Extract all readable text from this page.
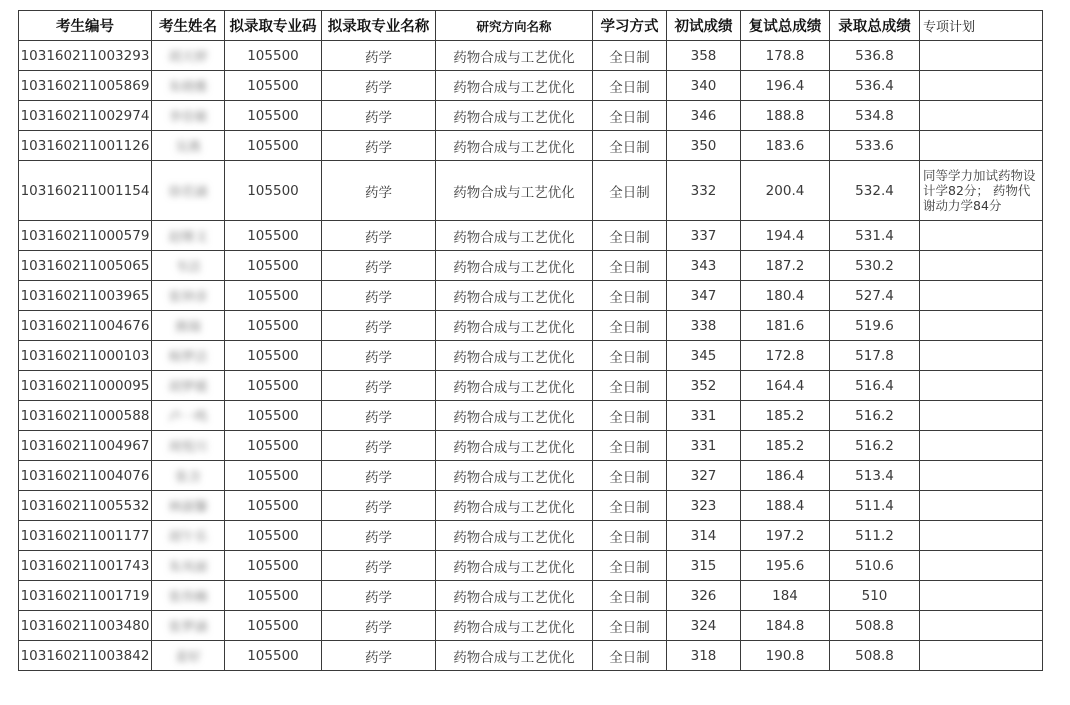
考生编号	考生姓名	拟录取专业码	拟录取专业名称	研究方向名称	学习方式	初试成绩	复试总成绩	录取总成绩	专项计划
103160211003293	胡天婷	105500	药学	药物合成与工艺优化	全日制	358	178.8	536.8	
103160211005869	朱晓雅	105500	药学	药物合成与工艺优化	全日制	340	196.4	536.4	
103160211002974	李佳敏	105500	药学	药物合成与工艺优化	全日制	346	188.8	534.8	
103160211001126	吴燕	105500	药学	药物合成与工艺优化	全日制	350	183.6	533.6	
103160211001154	徐若涵	105500	药学	药物合成与工艺优化	全日制	332	200.4	532.4	同等学力加试药物设计学82分； 药物代谢动力学84分
103160211000579	赵继文	105500	药学	药物合成与工艺优化	全日制	337	194.4	531.4	
103160211005065	韦洁	105500	药学	药物合成与工艺优化	全日制	343	187.2	530.2	
103160211003965	张钟彦	105500	药学	药物合成与工艺优化	全日制	347	180.4	527.4	
103160211004676	熊瑞	105500	药学	药物合成与工艺优化	全日制	338	181.6	519.6	
103160211000103	杨梦洁	105500	药学	药物合成与工艺优化	全日制	345	172.8	517.8	
103160211000095	胡梦媛	105500	药学	药物合成与工艺优化	全日制	352	164.4	516.4	
103160211000588	卢一鸣	105500	药学	药物合成与工艺优化	全日制	331	185.2	516.2	
103160211004967	周悦川	105500	药学	药物合成与工艺优化	全日制	331	185.2	516.2	
103160211004076	张含	105500	药学	药物合成与工艺优化	全日制	327	186.4	513.4	
103160211005532	林淑馨	105500	药学	药物合成与工艺优化	全日制	323	188.4	511.4	
103160211001177	胡午乐	105500	药学	药物合成与工艺优化	全日制	314	197.2	511.2	
103160211001743	朱凤丽	105500	药学	药物合成与工艺优化	全日制	315	195.6	510.6	
103160211001719	张伟楠	105500	药学	药物合成与工艺优化	全日制	326	184	510	
103160211003480	张梦涵	105500	药学	药物合成与工艺优化	全日制	324	184.8	508.8	
103160211003842	姜好	105500	药学	药物合成与工艺优化	全日制	318	190.8	508.8	
